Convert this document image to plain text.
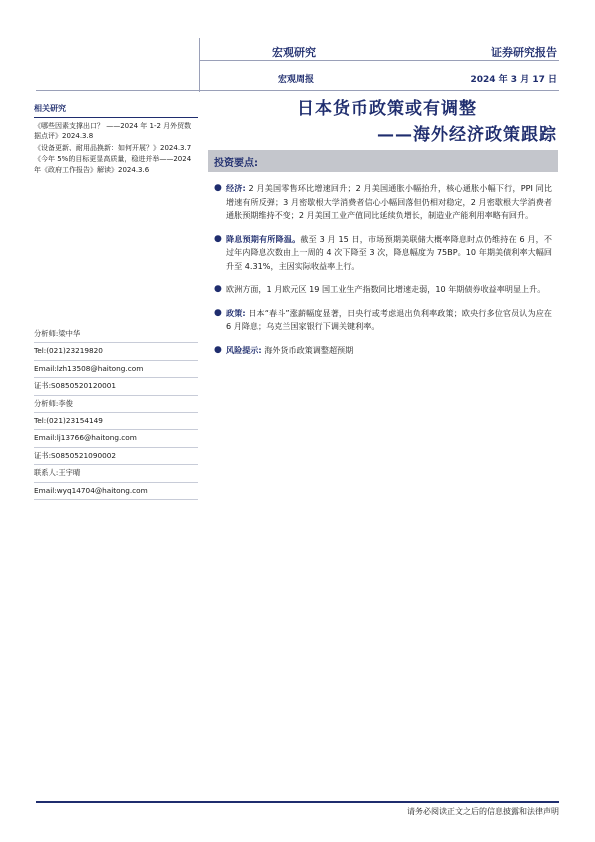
宏观研究	证券研究报告
宏观周报	2024 年 3 月 17 日
日本货币政策或有调整
——海外经济政策跟踪
相关研究
《哪些因素支撑出口？ ——2024 年 1-2 月外贸数据点评》2024.3.8
《设备更新、耐用品换新：如何开展？》2024.3.7
《今年 5%的目标更显高质量，稳进并举——2024 年《政府工作报告》解读》2024.3.6
分析师:梁中华
Tel:(021)23219820
Email:lzh13508@haitong.com
证书:S0850520120001
分析师:李俊
Tel:(021)23154149
Email:lj13766@haitong.com
证书:S0850521090002
联系人:王宇晴
Email:wyq14704@haitong.com
投资要点:
● 经济: 2 月美国零售环比增速回升；2 月美国通胀小幅抬升，核心通胀小幅下行，PPI 同比增速有所反弹；3 月密歇根大学消费者信心小幅回落但仍相对稳定，2 月密歇根大学消费者通胀预期维持不变；2 月美国工业产值同比延续负增长，制造业产能利用率略有回升。
● 降息预期有所降温。截至 3 月 15 日，市场预期美联储大概率降息时点仍维持在 6 月，不过年内降息次数由上一周的 4 次下降至 3 次，降息幅度为 75BP。10 年期美债利率大幅回升至 4.31%，主因实际收益率上行。
● 欧洲方面，1 月欧元区 19 国工业生产指数同比增速走弱，10 年期债券收益率明显上升。
● 政策: 日本“春斗”涨薪幅度显著，日央行或考虑退出负利率政策；欧央行多位官员认为应在 6 月降息；乌克兰国家银行下调关键利率。
● 风险提示: 海外货币政策调整超预期
请务必阅读正文之后的信息披露和法律声明
